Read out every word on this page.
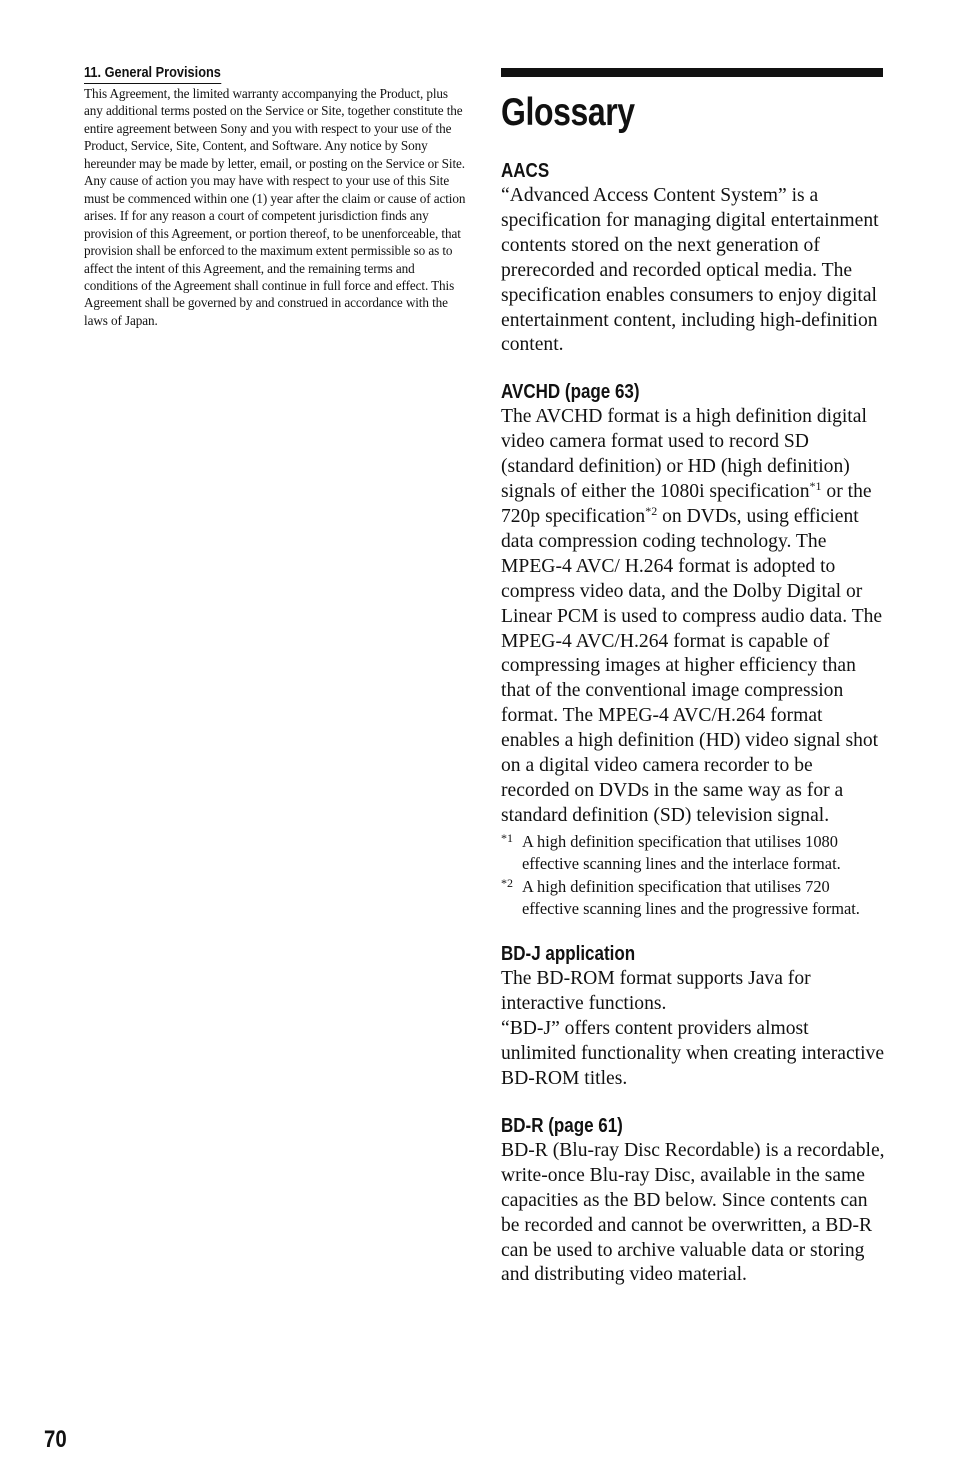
11. General Provisions

This Agreement, the limited warranty accompanying the Product, plus any additional terms posted on the Service or Site, together constitute the entire agreement between Sony and you with respect to your use of the Product, Service, Site, Content, and Software. Any notice by Sony hereunder may be made by letter, email, or posting on the Service or Site. Any cause of action you may have with respect to your use of this Site must be commenced within one (1) year after the claim or cause of action arises. If for any reason a court of competent jurisdiction finds any provision of this Agreement, or portion thereof, to be unenforceable, that provision shall be enforced to the maximum extent permissible so as to affect the intent of this Agreement, and the remaining terms and conditions of the Agreement shall continue in full force and effect. This Agreement shall be governed by and construed in accordance with the laws of Japan.

Glossary
AACS

“Advanced Access Content System” is a specification for managing digital entertainment contents stored on the next generation of prerecorded and recorded optical media. The specification enables consumers to enjoy digital entertainment content, including high-definition content.

AVCHD (page 63)

The AVCHD format is a high definition digital video camera format used to record SD (standard definition) or HD (high definition) signals of either the 1080i specification$^{*1}$ or the 720p specification$^{*2}$ on DVDs, using efficient data compression coding technology. The MPEG-4 AVC/ H.264 format is adopted to compress video data, and the Dolby Digital or Linear PCM is used to compress audio data. The MPEG-4 AVC/H.264 format is capable of compressing images at higher efficiency than that of the conventional image compression format. The MPEG-4 AVC/H.264 format enables a high definition (HD) video signal shot on a digital video camera recorder to be recorded on DVDs in the same way as for a standard definition (SD) television signal.

*1 A high definition specification that utilises 1080 effective scanning lines and the interlace format.
*2 A high definition specification that utilises 720 effective scanning lines and the progressive format.
BD-J application

The BD-ROM format supports Java for interactive functions.

“BD-J” offers content providers almost unlimited functionality when creating interactive BD-ROM titles.

BD-R (page 61)

BD-R (Blu-ray Disc Recordable) is a recordable, write-once Blu-ray Disc, available in the same capacities as the BD below. Since contents can be recorded and cannot be overwritten, a BD-R can be used to archive valuable data or storing and distributing video material.

70
